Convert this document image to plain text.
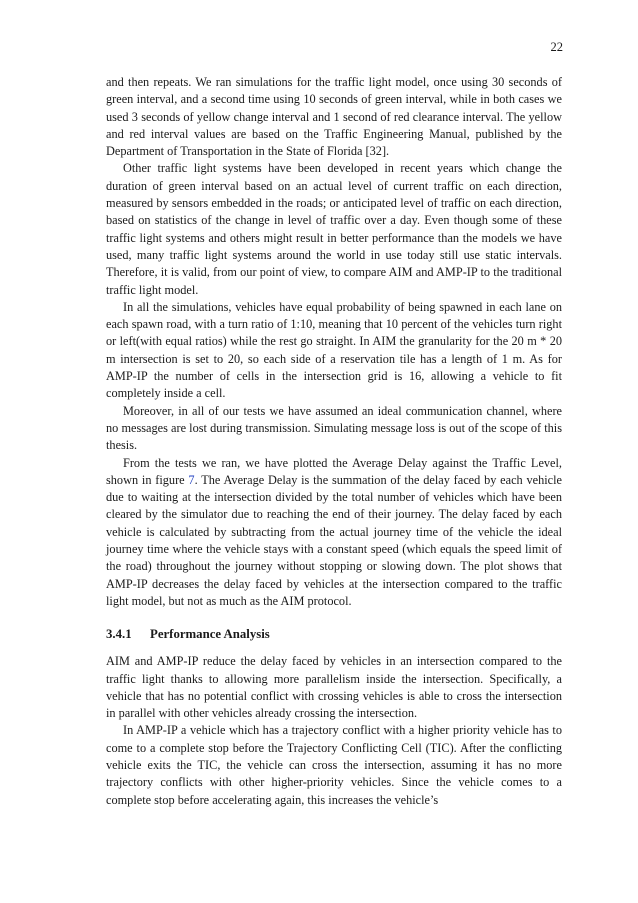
22

and then repeats. We ran simulations for the traffic light model, once using 30 seconds of green interval, and a second time using 10 seconds of green interval, while in both cases we used 3 seconds of yellow change interval and 1 second of red clearance interval. The yellow and red interval values are based on the Traffic Engineering Manual, published by the Department of Transportation in the State of Florida [32].

Other traffic light systems have been developed in recent years which change the duration of green interval based on an actual level of current traffic on each direction, measured by sensors embedded in the roads; or anticipated level of traffic on each direction, based on statistics of the change in level of traffic over a day. Even though some of these traffic light systems and others might result in better performance than the models we have used, many traffic light systems around the world in use today still use static intervals. Therefore, it is valid, from our point of view, to compare AIM and AMP-IP to the traditional traffic light model.

In all the simulations, vehicles have equal probability of being spawned in each lane on each spawn road, with a turn ratio of 1:10, meaning that 10 percent of the vehicles turn right or left(with equal ratios) while the rest go straight. In AIM the granularity for the 20 m * 20 m intersection is set to 20, so each side of a reservation tile has a length of 1 m. As for AMP-IP the number of cells in the intersection grid is 16, allowing a vehicle to fit completely inside a cell.

Moreover, in all of our tests we have assumed an ideal communication channel, where no messages are lost during transmission. Simulating message loss is out of the scope of this thesis.

From the tests we ran, we have plotted the Average Delay against the Traffic Level, shown in figure 7. The Average Delay is the summation of the delay faced by each vehicle due to waiting at the intersection divided by the total number of vehicles which have been cleared by the simulator due to reaching the end of their journey. The delay faced by each vehicle is calculated by subtracting from the actual journey time of the vehicle the ideal journey time where the vehicle stays with a constant speed (which equals the speed limit of the road) throughout the journey without stopping or slowing down. The plot shows that AMP-IP decreases the delay faced by vehicles at the intersection compared to the traffic light model, but not as much as the AIM protocol.

3.4.1 Performance Analysis

AIM and AMP-IP reduce the delay faced by vehicles in an intersection compared to the traffic light thanks to allowing more parallelism inside the intersection. Specifically, a vehicle that has no potential conflict with crossing vehicles is able to cross the intersection in parallel with other vehicles already crossing the intersection.

In AMP-IP a vehicle which has a trajectory conflict with a higher priority vehicle has to come to a complete stop before the Trajectory Conflicting Cell (TIC). After the conflicting vehicle exits the TIC, the vehicle can cross the intersection, assuming it has no more trajectory conflicts with other higher-priority vehicles. Since the vehicle comes to a complete stop before accelerating again, this increases the vehicle’s
